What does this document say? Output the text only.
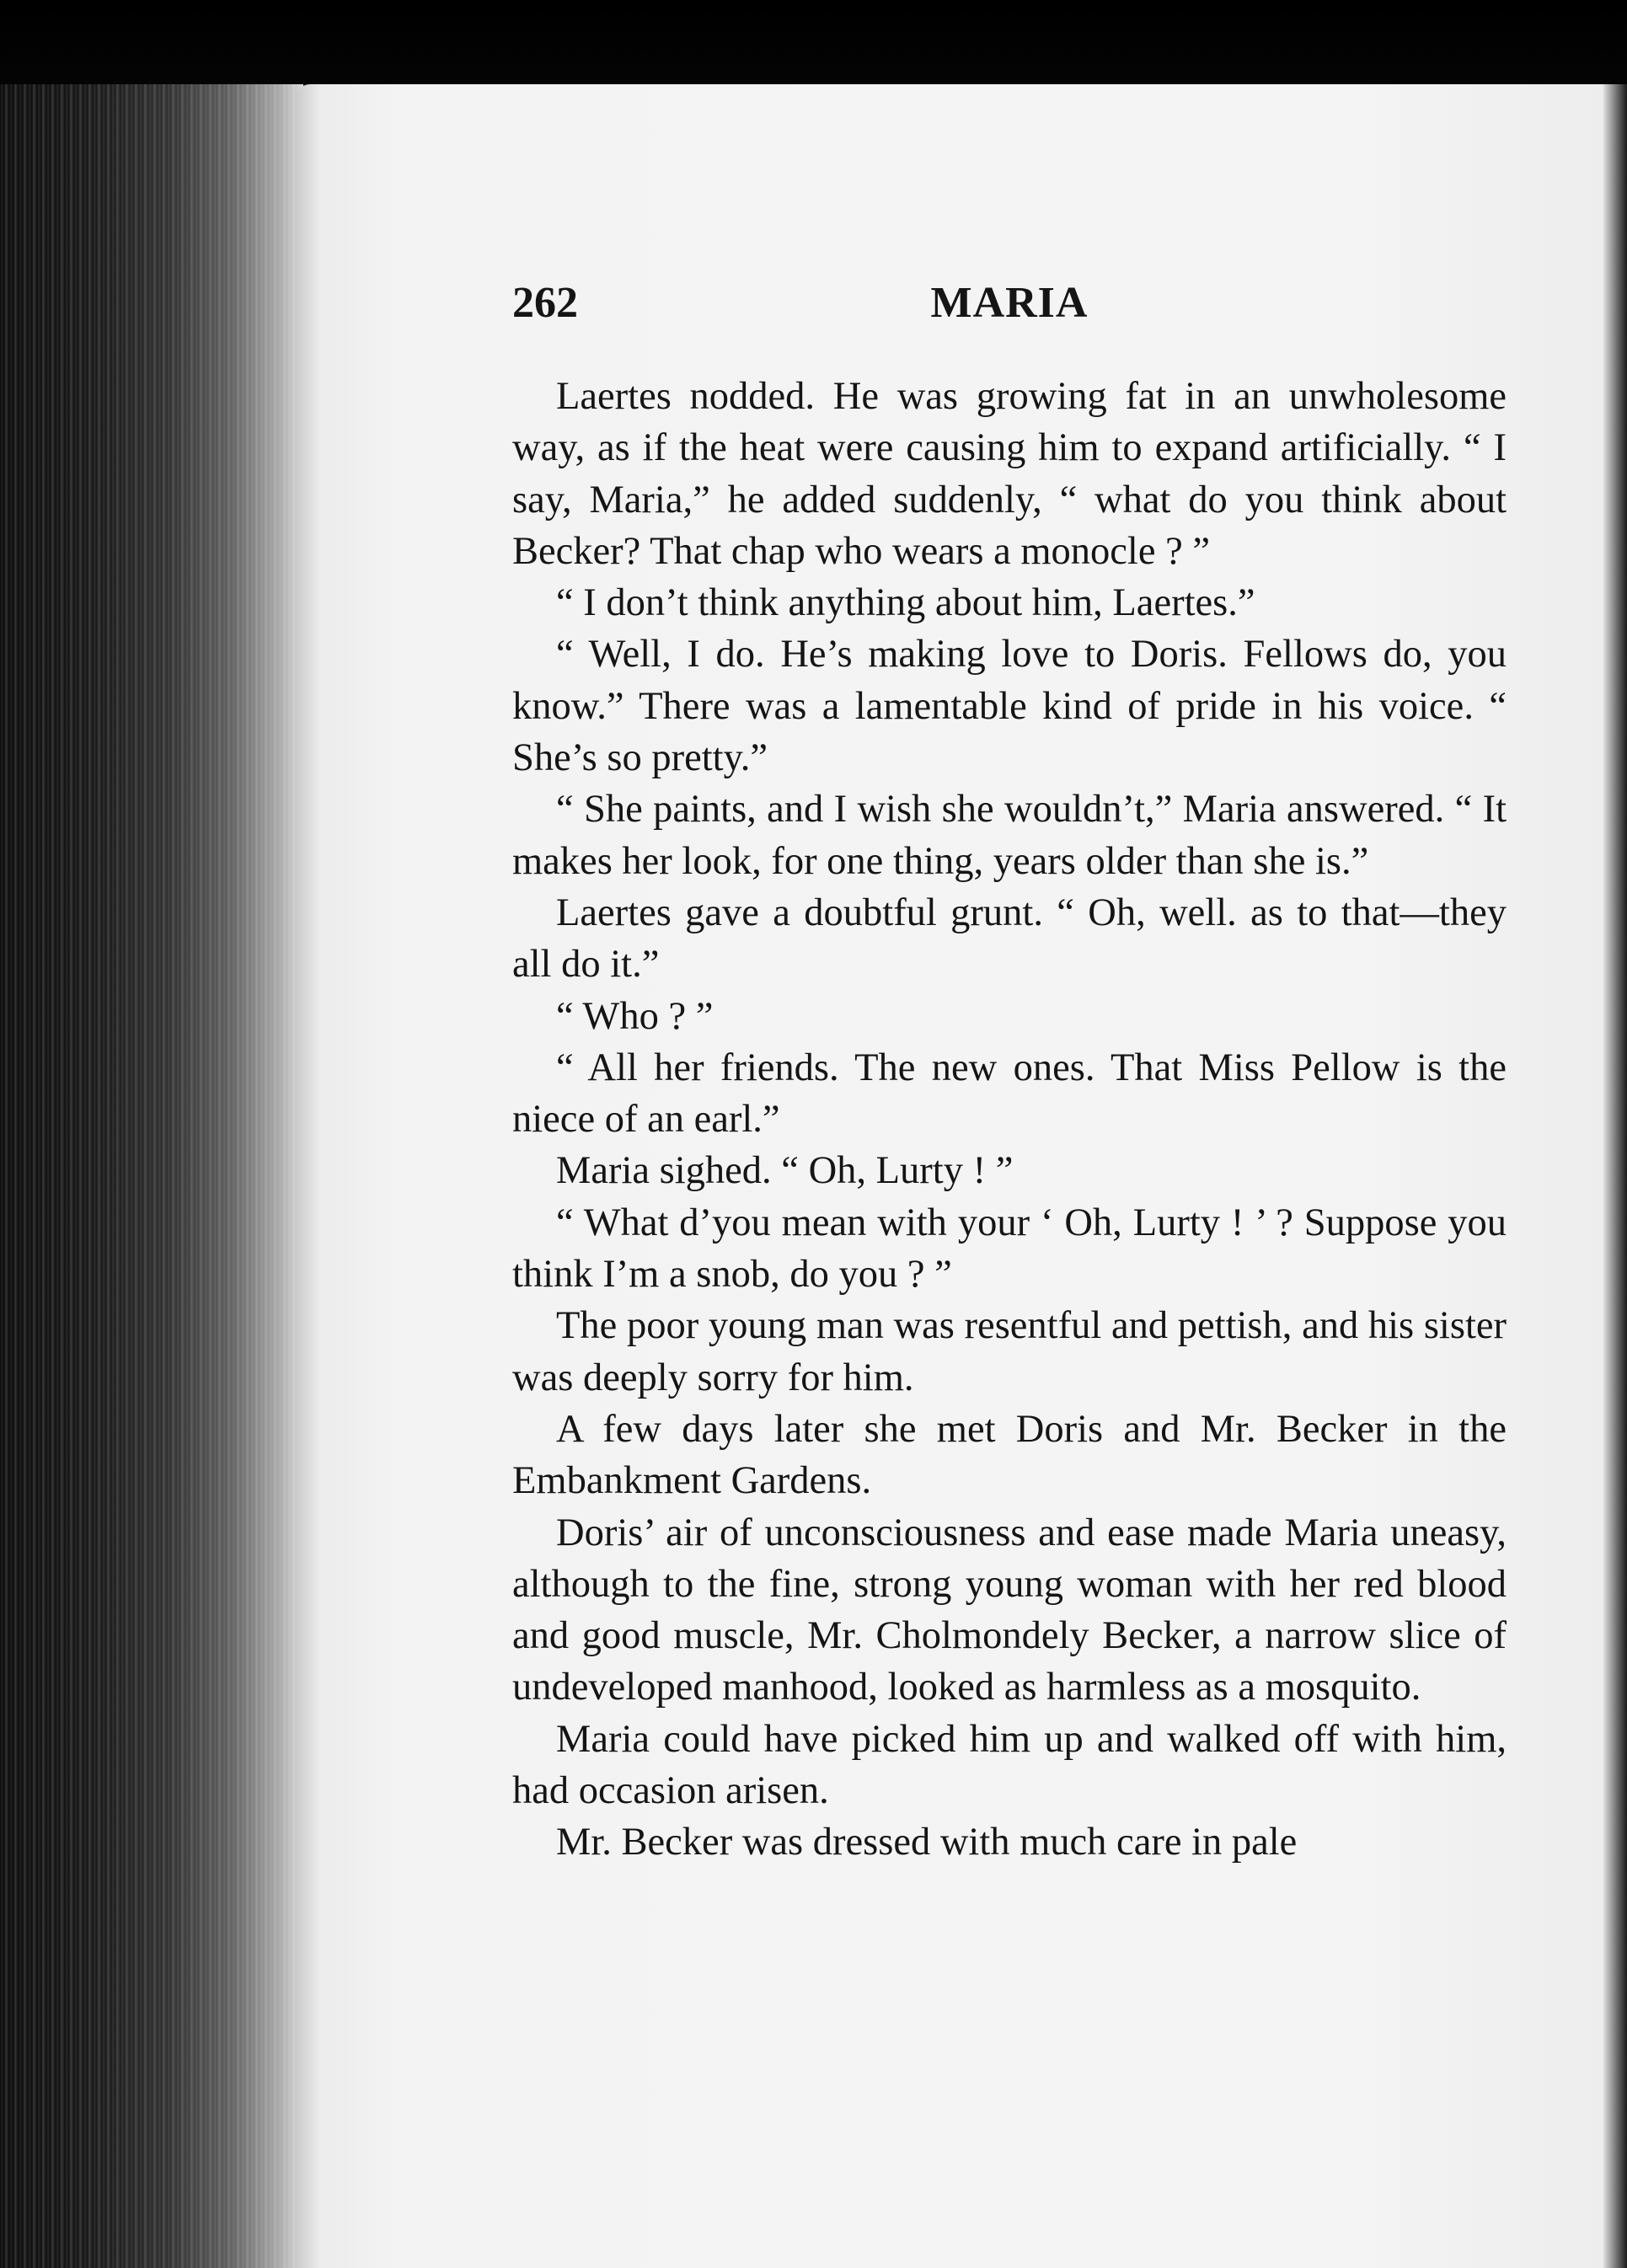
262	MARIA

Laertes nodded. He was growing fat in an unwholesome way, as if the heat were causing him to expand artificially. “ I say, Maria,” he added suddenly, “ what do you think about Becker? That chap who wears a monocle ? ”

“ I don’t think anything about him, Laertes.”

“ Well, I do. He’s making love to Doris. Fellows do, you know.” There was a lamentable kind of pride in his voice. “ She’s so pretty.”

“ She paints, and I wish she wouldn’t,” Maria answered. “ It makes her look, for one thing, years older than she is.”

Laertes gave a doubtful grunt. “ Oh, well. as to that—they all do it.”

“ Who ? ”

“ All her friends. The new ones. That Miss Pellow is the niece of an earl.”

Maria sighed. “ Oh, Lurty ! ”

“ What d’you mean with your ‘ Oh, Lurty ! ’ ? Suppose you think I’m a snob, do you ? ”

The poor young man was resentful and pettish, and his sister was deeply sorry for him.

A few days later she met Doris and Mr. Becker in the Embankment Gardens.

Doris’ air of unconsciousness and ease made Maria uneasy, although to the fine, strong young woman with her red blood and good muscle, Mr. Cholmondely Becker, a narrow slice of undeveloped manhood, looked as harmless as a mosquito.

Maria could have picked him up and walked off with him, had occasion arisen.

Mr. Becker was dressed with much care in pale
